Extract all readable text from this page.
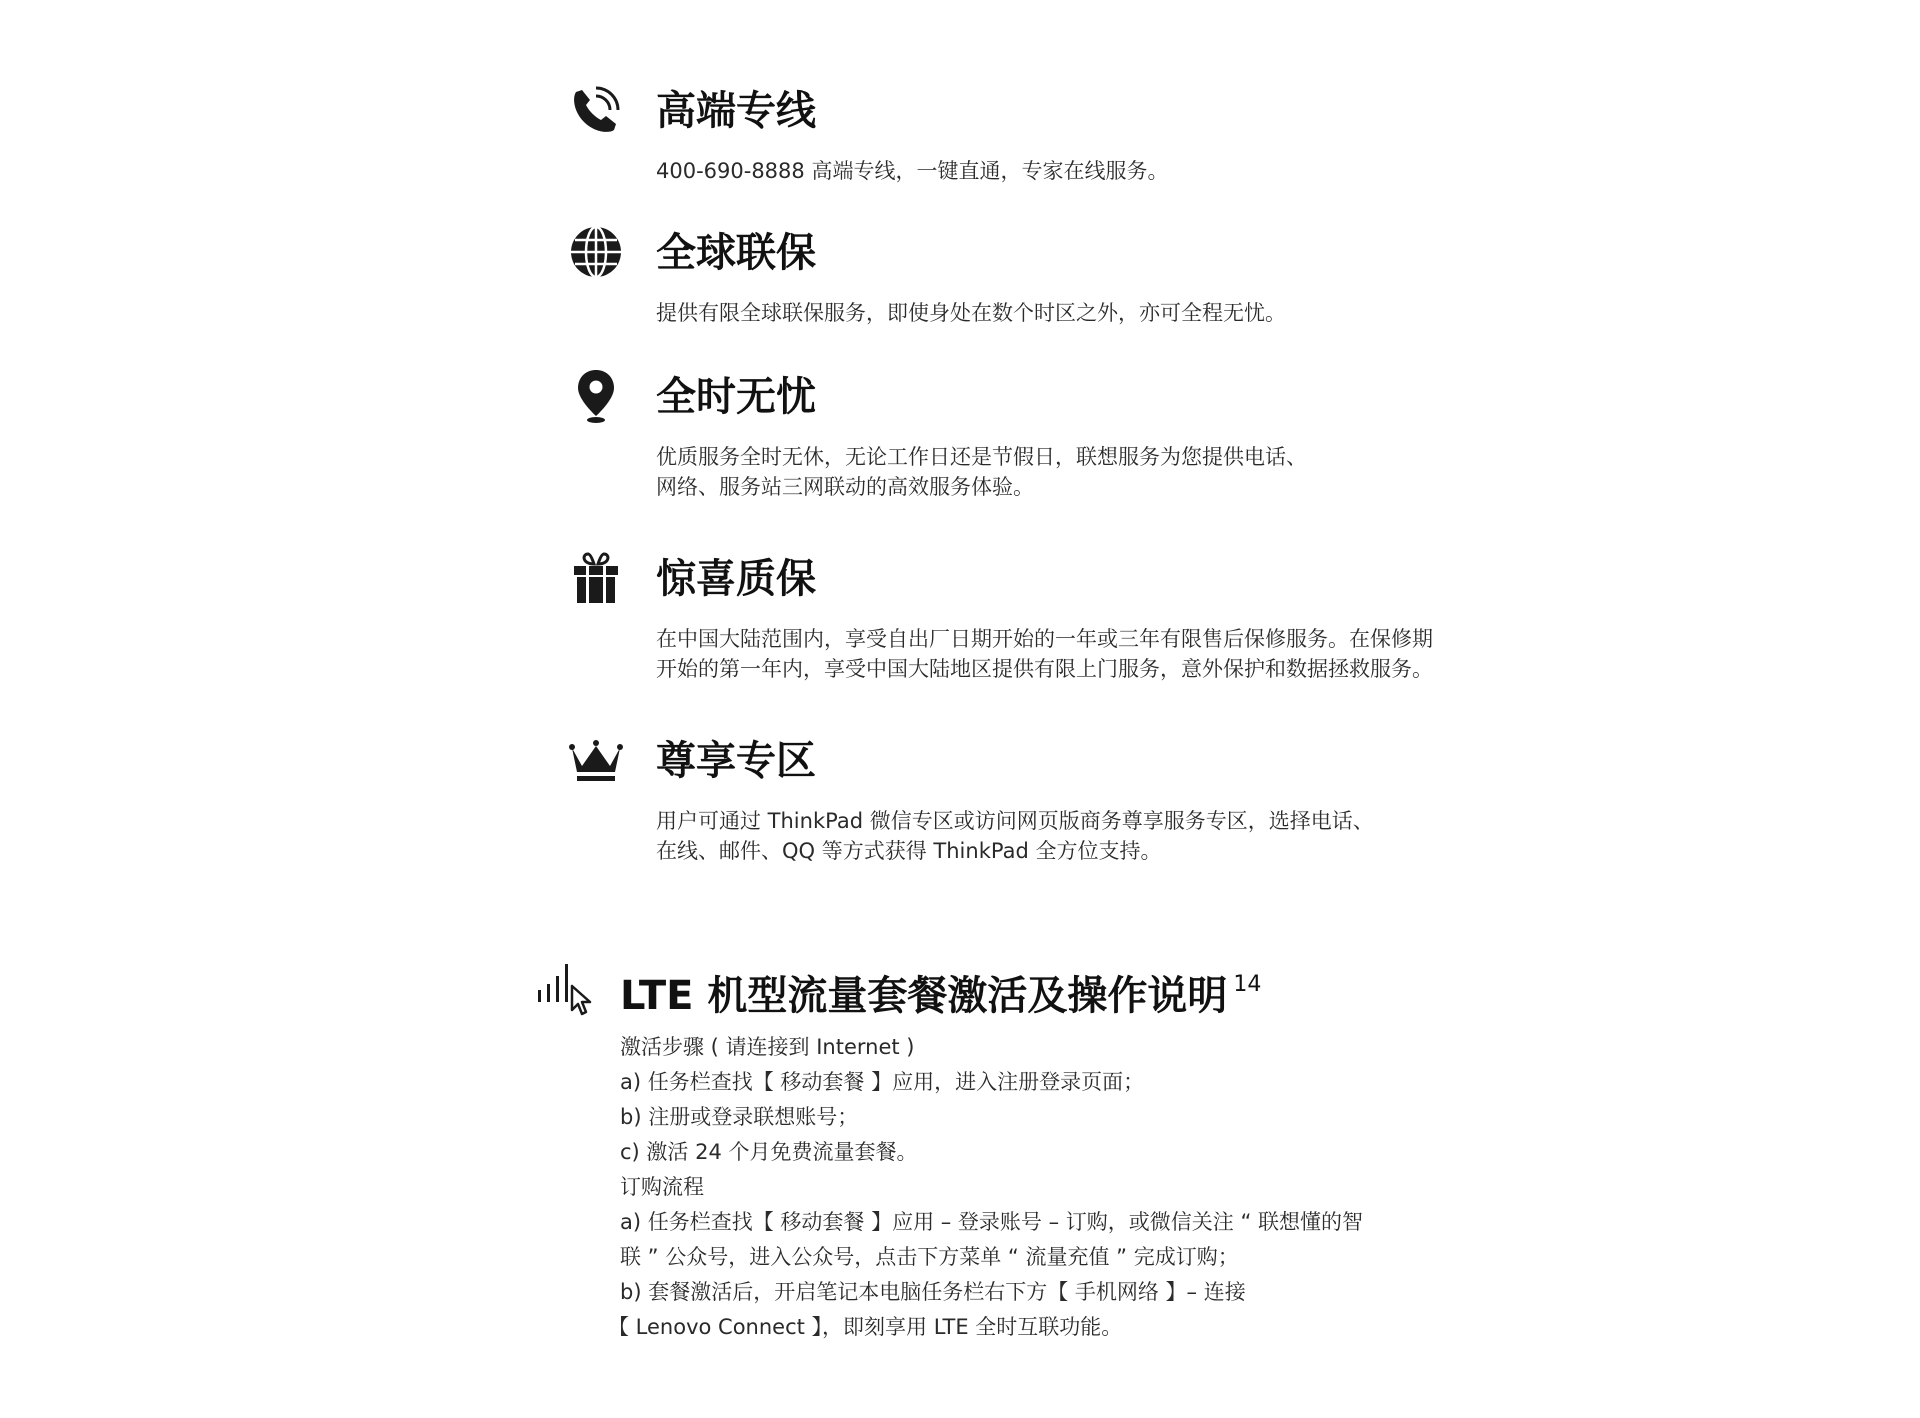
高端专线
400-690-8888 高端专线，一键直通，专家在线服务。
全球联保
提供有限全球联保服务，即使身处在数个时区之外，亦可全程无忧。
全时无忧
优质服务全时无休，无论工作日还是节假日，联想服务为您提供电话、
网络、服务站三网联动的高效服务体验。
惊喜质保
在中国大陆范围内，享受自出厂日期开始的一年或三年有限售后保修服务。在保修期
开始的第一年内，享受中国大陆地区提供有限上门服务，意外保护和数据拯救服务。
尊享专区
用户可通过 ThinkPad 微信专区或访问网页版商务尊享服务专区，选择电话、
在线、邮件、QQ 等方式获得 ThinkPad 全方位支持。
LTE 机型流量套餐激活及操作说明 $^{14}$
激活步骤 ( 请连接到 Internet )
a) 任务栏查找【 移动套餐 】应用，进入注册登录页面；
b) 注册或登录联想账号；
c) 激活 24 个月免费流量套餐。
订购流程
a) 任务栏查找【 移动套餐 】应用 – 登录账号 – 订购，或微信关注 “ 联想懂的智
联 ” 公众号，进入公众号，点击下方菜单 “ 流量充值 ” 完成订购；
b) 套餐激活后，开启笔记本电脑任务栏右下方【 手机网络 】– 连接
【 Lenovo Connect 】，即刻享用 LTE 全时互联功能。
